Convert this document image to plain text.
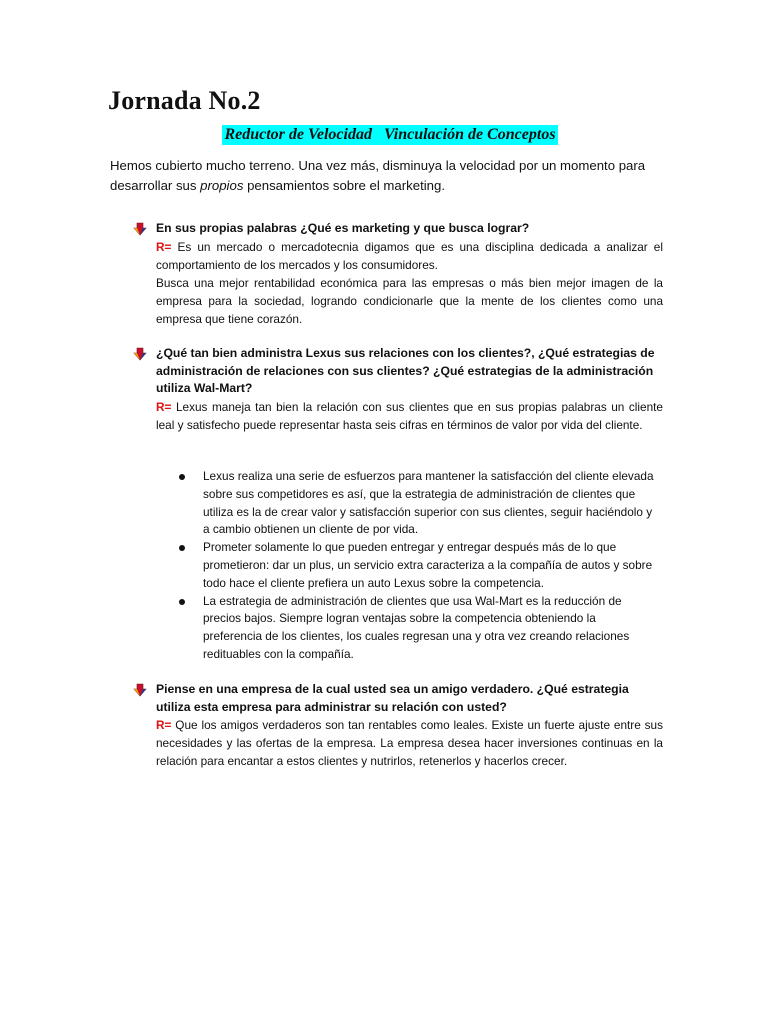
Jornada No.2
Reductor de Velocidad   Vinculación de Conceptos

Hemos cubierto mucho terreno. Una vez más, disminuya la velocidad por un momento para desarrollar sus propios pensamientos sobre el marketing.

En sus propias palabras ¿Qué es marketing y que busca lograr?

R= Es un mercado o mercadotecnia digamos que es una disciplina dedicada a analizar el comportamiento de los mercados y los consumidores.
Busca una mejor rentabilidad económica para las empresas o más bien mejor imagen de la empresa para la sociedad, logrando condicionarle que la mente de los clientes como una empresa que tiene corazón.

¿Qué tan bien administra Lexus sus relaciones con los clientes?, ¿Qué estrategias de administración de relaciones con sus clientes? ¿Qué estrategias de la administración utiliza Wal-Mart?

R= Lexus maneja tan bien la relación con sus clientes que en sus propias palabras un cliente leal y satisfecho puede representar hasta seis cifras en términos de valor por vida del cliente.
Lexus realiza una serie de esfuerzos para mantener la satisfacción del cliente elevada sobre sus competidores es así, que la estrategia de administración de clientes que utiliza es la de crear valor y satisfacción superior con sus clientes, seguir haciéndolo y a cambio obtienen un cliente de por vida.
Prometer solamente lo que pueden entregar y entregar después más de lo que prometieron: dar un plus, un servicio extra caracteriza a la compañía de autos y sobre todo hace el cliente prefiera un auto Lexus sobre la competencia.
La estrategia de administración de clientes que usa Wal-Mart es la reducción de precios bajos. Siempre logran ventajas sobre la competencia obteniendo la preferencia de los clientes, los cuales regresan una y otra vez creando relaciones redituables con la compañía.

Piense en una empresa de la cual usted sea un amigo verdadero. ¿Qué estrategia utiliza esta empresa para administrar su relación con usted?

R= Que los amigos verdaderos son tan rentables como leales. Existe un fuerte ajuste entre sus necesidades y las ofertas de la empresa. La empresa desea hacer inversiones continuas en la relación para encantar a estos clientes y nutrirlos, retenerlos y hacerlos crecer.
